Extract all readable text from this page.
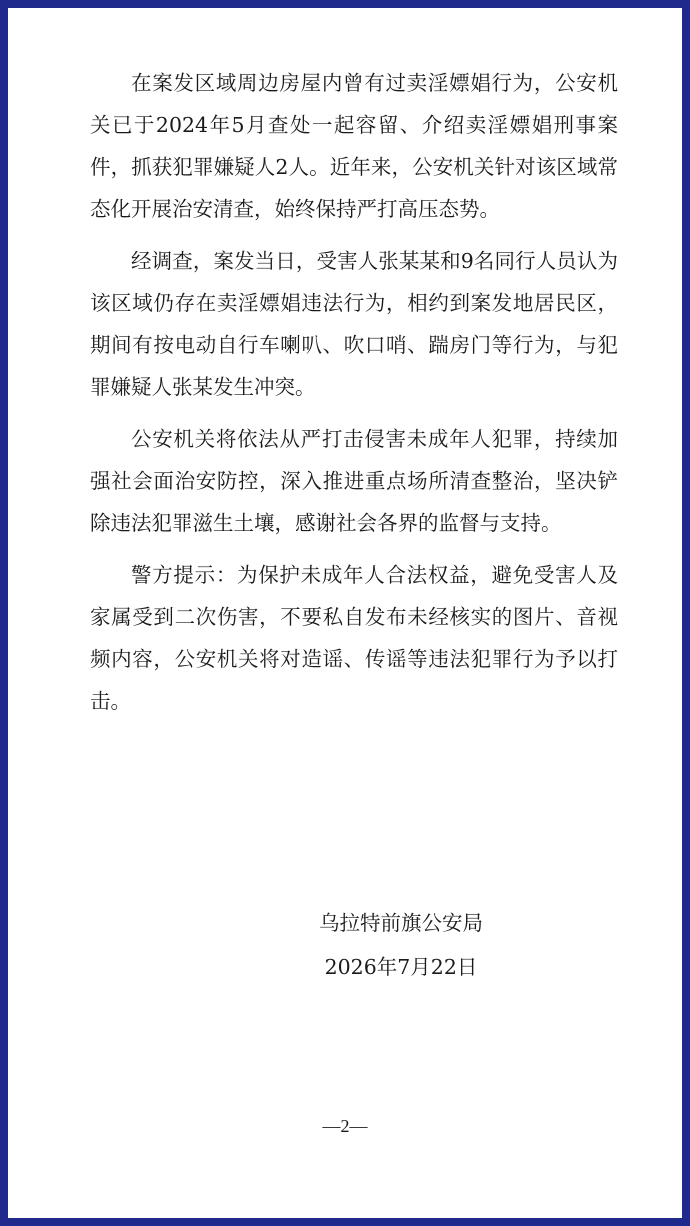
在案发区域周边房屋内曾有过卖淫嫖娼行为，公安机关已于2024年5月查处一起容留、介绍卖淫嫖娼刑事案件，抓获犯罪嫌疑人2人。近年来，公安机关针对该区域常态化开展治安清查，始终保持严打高压态势。

经调查，案发当日，受害人张某某和9名同行人员认为该区域仍存在卖淫嫖娼违法行为，相约到案发地居民区，期间有按电动自行车喇叭、吹口哨、踹房门等行为，与犯罪嫌疑人张某发生冲突。

公安机关将依法从严打击侵害未成年人犯罪，持续加强社会面治安防控，深入推进重点场所清查整治，坚决铲除违法犯罪滋生土壤，感谢社会各界的监督与支持。

警方提示：为保护未成年人合法权益，避免受害人及家属受到二次伤害，不要私自发布未经核实的图片、音视频内容，公安机关将对造谣、传谣等违法犯罪行为予以打击。

乌拉特前旗公安局
2026年7月22日
—2—
